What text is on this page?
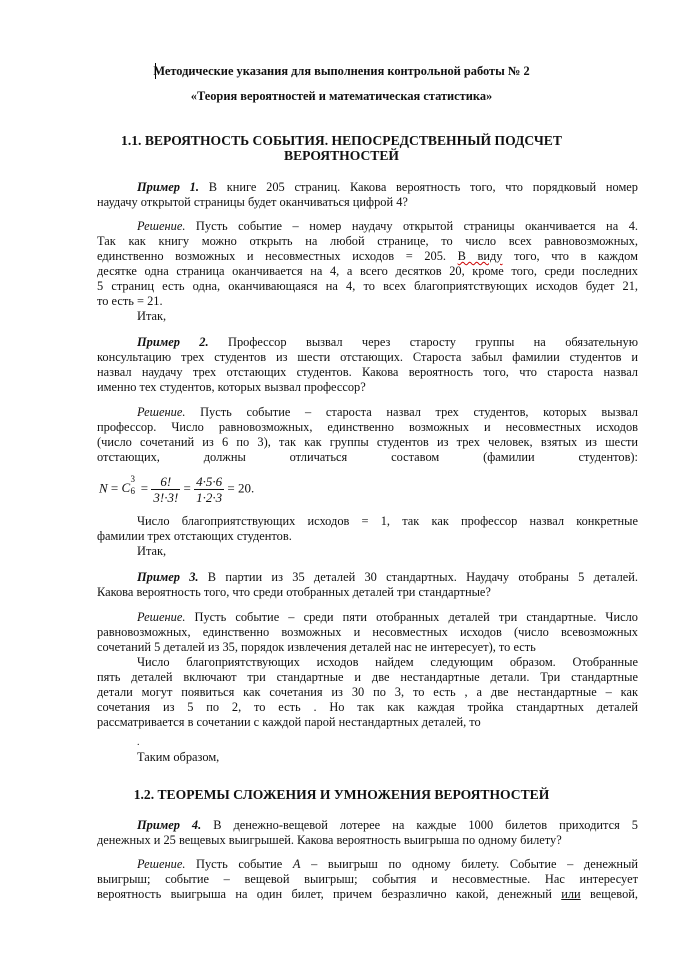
Методические указания для выполнения контрольной работы № 2
«Теория вероятностей и математическая статистика»
1.1. ВЕРОЯТНОСТЬ СОБЫТИЯ. НЕПОСРЕДСТВЕННЫЙ ПОДСЧЕТ
ВЕРОЯТНОСТЕЙ
Пример 1. В книге 205 страниц. Какова вероятность того, что порядковый номер
наудачу открытой страницы будет оканчиваться цифрой 4?
Решение. Пусть событие – номер наудачу открытой страницы оканчивается на 4.
Так как книгу можно открыть на любой странице, то число всех равновозможных,
единственно возможных и несовместных исходов = 205. В виду того, что в каждом
десятке одна страница оканчивается на 4, а всего десятков 20, кроме того, среди последних
5 страниц есть одна, оканчивающаяся на 4, то всех благоприятствующих исходов будет 21,
то есть = 21.
Итак,
Пример 2. Профессор вызвал через старосту группы на обязательную
консультацию трех студентов из шести отстающих. Староста забыл фамилии студентов и
назвал наудачу трех отстающих студентов. Какова вероятность того, что староста назвал
именно тех студентов, которых вызвал профессор?
Решение. Пусть событие – староста назвал трех студентов, которых вызвал
профессор. Число равновозможных, единственно возможных и несовместных исходов
(число сочетаний из 6 по 3), так как группы студентов из трех человек, взятых из шести
отстающих, должны отличаться составом (фамилии студентов):
N = C
3
$6 = \frac{6!}{3!\cdot 3!} = \frac{4\cdot 5\cdot 6}{1\cdot 2\cdot 3} = 20$.
Число благоприятствующих исходов = 1, так как профессор назвал конкретные
фамилии трех отстающих студентов.
Итак,
Пример 3. В партии из 35 деталей 30 стандартных. Наудачу отобраны 5 деталей.
Какова вероятность того, что среди отобранных деталей три стандартные?
Решение. Пусть событие – среди пяти отобранных деталей три стандартные. Число
равновозможных, единственно возможных и несовместных исходов (число всевозможных
сочетаний 5 деталей из 35, порядок извлечения деталей нас не интересует), то есть
Число благоприятствующих исходов найдем следующим образом. Отобранные
пять деталей включают три стандартные и две нестандартные детали. Три стандартные
детали могут появиться как сочетания из 30 по 3, то есть , а две нестандартные – как
сочетания из 5 по 2, то есть . Но так как каждая тройка стандартных деталей
рассматривается в сочетании с каждой парой нестандартных деталей, то
.
Таким образом,
1.2. ТЕОРЕМЫ СЛОЖЕНИЯ И УМНОЖЕНИЯ ВЕРОЯТНОСТЕЙ
Пример 4. В денежно-вещевой лотерее на каждые 1000 билетов приходится 5
денежных и 25 вещевых выигрышей. Какова вероятность выигрыша по одному билету?
Решение. Пусть событие A – выигрыш по одному билету. Событие – денежный
выигрыш; событие – вещевой выигрыш; события и несовместные. Нас интересует
вероятность выигрыша на один билет, причем безразлично какой, денежный или вещевой,
